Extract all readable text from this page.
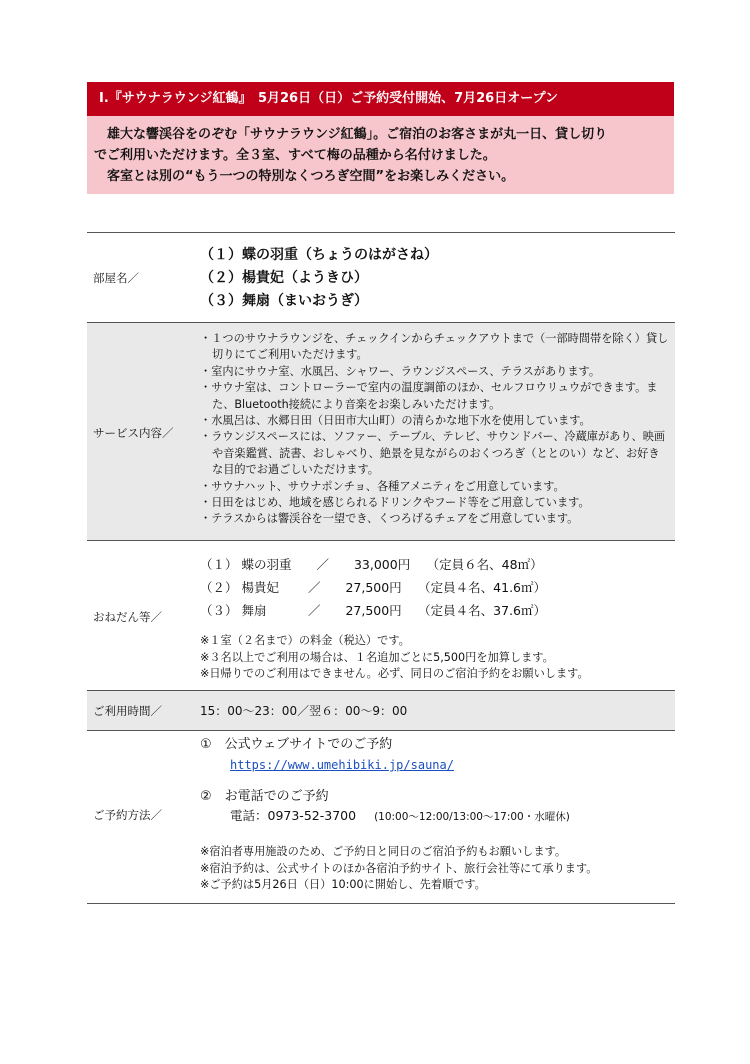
Ⅰ.『サウナラウンジ紅鶴』　5月26日（日）ご予約受付開始、7月26日オープン

　雄大な響渓谷をのぞむ「サウナラウンジ紅鶴」。ご宿泊のお客さまが丸一日、貸し切り

でご利用いただけます。全３室、すべて梅の品種から名付けました。

　客室とは別の“もう一つの特別なくつろぎ空間”をお楽しみください。

部屋名／
（１）蝶の羽重（ちょうのはがさね）
（２）楊貴妃（ようきひ）
（３）舞扇（まいおうぎ）
サービス内容／
・１つのサウナラウンジを、チェックインからチェックアウトまで（一部時間帯を除く）貸し切りにてご利用いただけます。
・室内にサウナ室、水風呂、シャワー、ラウンジスペース、テラスがあります。
・サウナ室は、コントローラーで室内の温度調節のほか、セルフロウリュウができます。また、Bluetooth接続により音楽をお楽しみいただけます。
・水風呂は、水郷日田（日田市大山町）の清らかな地下水を使用しています。
・ラウンジスペースには、ソファー、テーブル、テレビ、サウンドバー、冷蔵庫があり、映画や音楽鑑賞、読書、おしゃべり、絶景を見ながらのおくつろぎ（ととのい）など、お好きな目的でお過ごしいただけます。
・サウナハット、サウナポンチョ、各種アメニティをご用意しています。
・日田をはじめ、地域を感じられるドリンクやフード等をご用意しています。
・テラスからは響渓谷を一望でき、くつろげるチェアをご用意しています。
おねだん等／
（１） 蝶の羽重　　／　　33,000円　 （定員６名、48㎡）
（２） 楊貴妃　　 ／　　27,500円　 （定員４名、41.6㎡）
（３） 舞扇　　　 ／　　27,500円　 （定員４名、37.6㎡）
※１室（２名まで）の料金（税込）です。
※３名以上でご利用の場合は、１名追加ごとに5,500円を加算します。
※日帰りでのご利用はできません。必ず、同日のご宿泊予約をお願いします。
ご利用時間／	15：00～23：00／翌６：00～9：00
ご予約方法／
①　公式ウェブサイトでのご予約
https://www.umehibiki.jp/sauna/
②　お電話でのご予約
電話：0973-52-3700 (10:00～12:00/13:00～17:00・水曜休)
※宿泊者専用施設のため、ご予約日と同日のご宿泊予約もお願いします。
※宿泊予約は、公式サイトのほか各宿泊予約サイト、旅行会社等にて承ります。
※ご予約は5月26日（日）10:00に開始し、先着順です。
